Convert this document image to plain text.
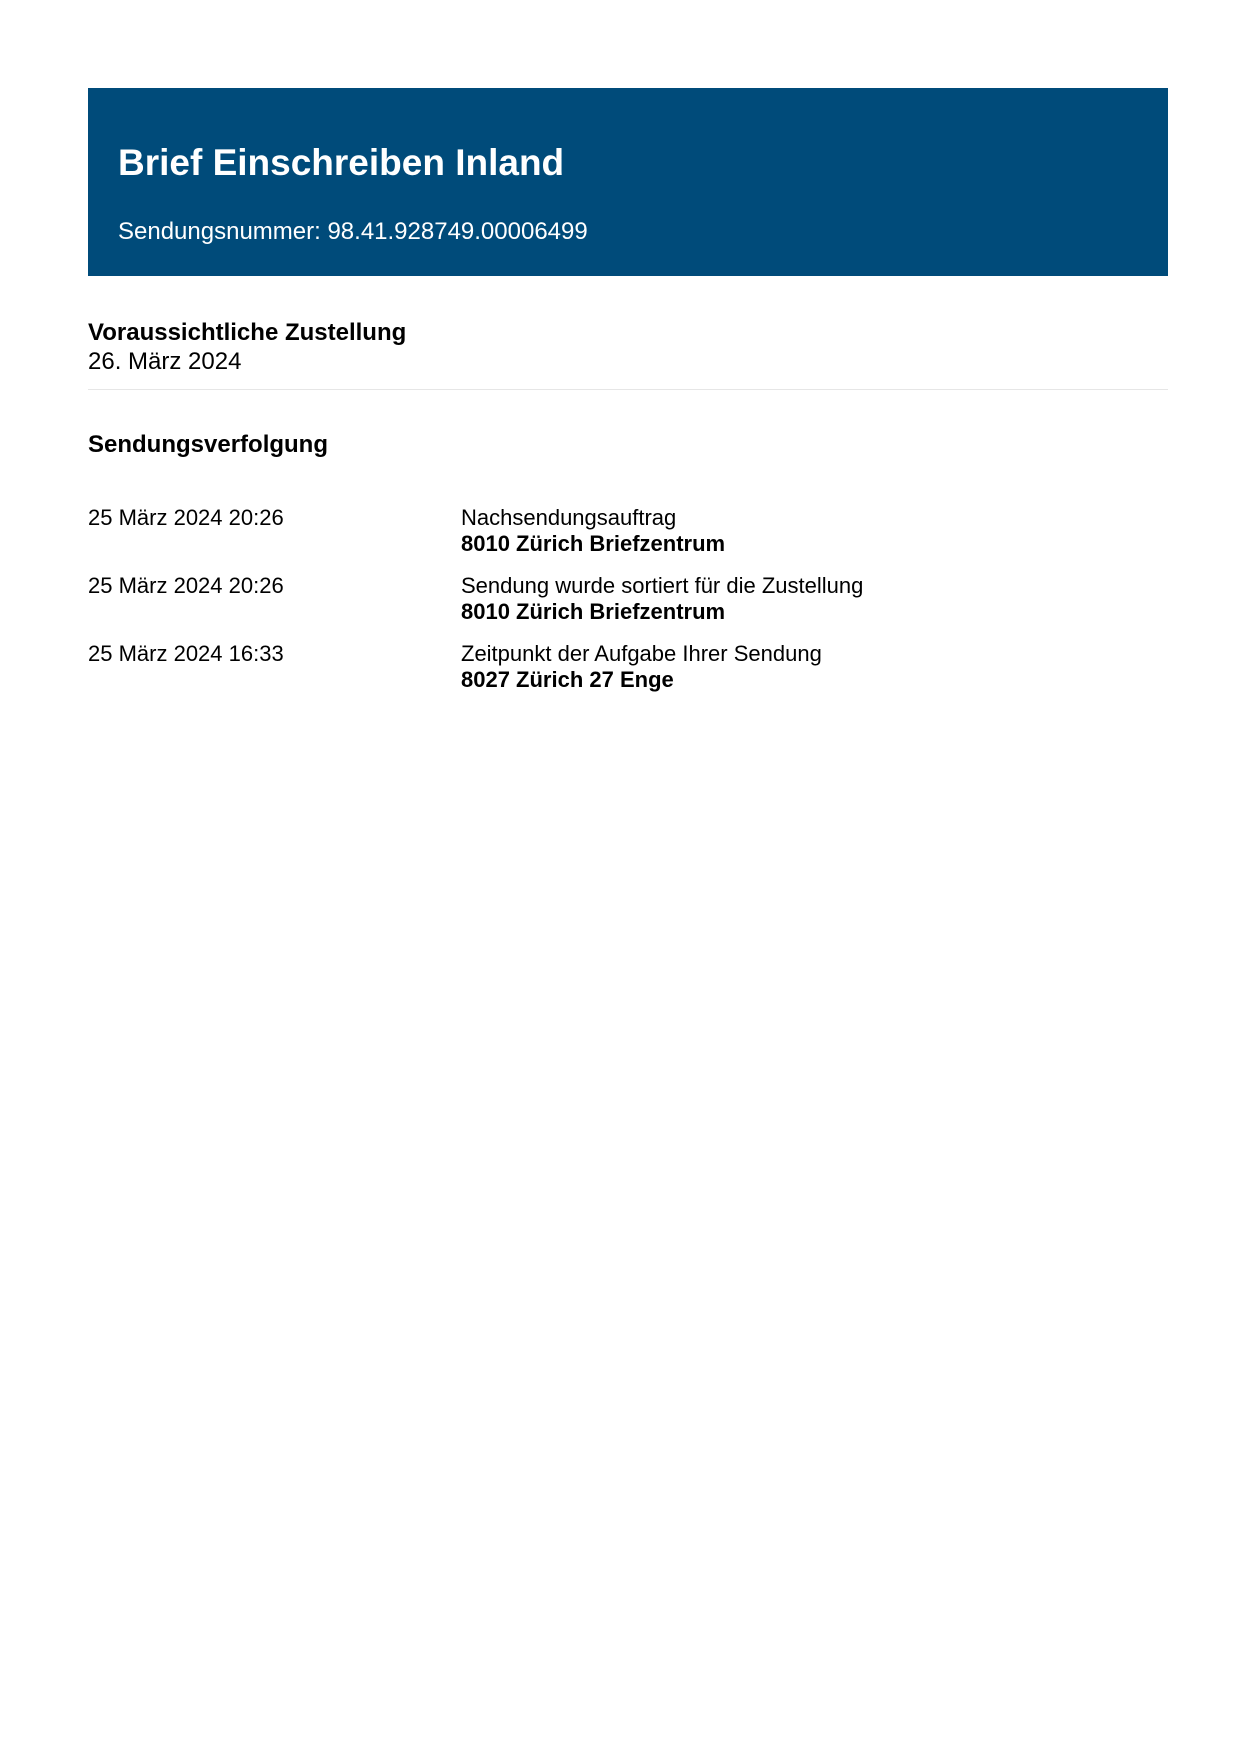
Brief Einschreiben Inland

Sendungsnummer: 98.41.928749.00006499

Voraussichtliche Zustellung

26. März 2024

Sendungsverfolgung
25 März 2024 20:26	Nachsendungsauftrag
8010 Zürich Briefzentrum
25 März 2024 20:26	Sendung wurde sortiert für die Zustellung
8010 Zürich Briefzentrum
25 März 2024 16:33	Zeitpunkt der Aufgabe Ihrer Sendung
8027 Zürich 27 Enge
